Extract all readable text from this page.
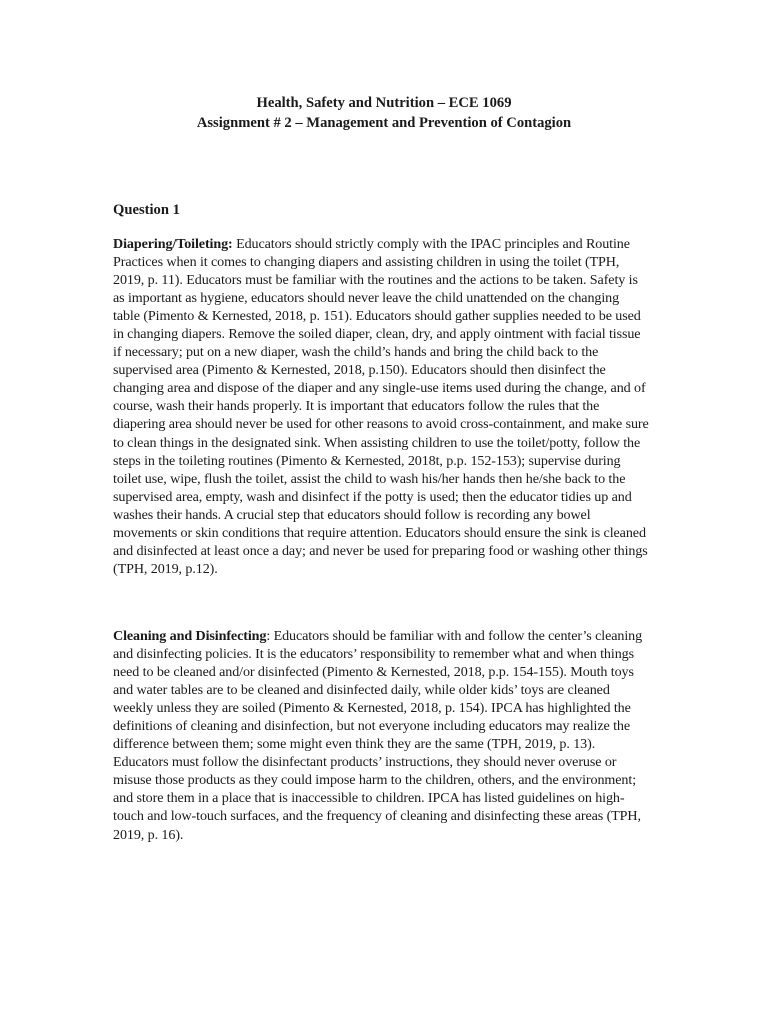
Health, Safety and Nutrition – ECE 1069
Assignment # 2 – Management and Prevention of Contagion
Question 1

Diapering/Toileting: Educators should strictly comply with the IPAC principles and Routine Practices when it comes to changing diapers and assisting children in using the toilet (TPH, 2019, p. 11). Educators must be familiar with the routines and the actions to be taken. Safety is as important as hygiene, educators should never leave the child unattended on the changing table (Pimento & Kernested, 2018, p. 151). Educators should gather supplies needed to be used in changing diapers. Remove the soiled diaper, clean, dry, and apply ointment with facial tissue if necessary; put on a new diaper, wash the child’s hands and bring the child back to the supervised area (Pimento & Kernested, 2018, p.150). Educators should then disinfect the changing area and dispose of the diaper and any single-use items used during the change, and of course, wash their hands properly. It is important that educators follow the rules that the diapering area should never be used for other reasons to avoid cross-containment, and make sure to clean things in the designated sink. When assisting children to use the toilet/potty, follow the steps in the toileting routines (Pimento & Kernested, 2018t, p.p. 152-153); supervise during toilet use, wipe, flush the toilet, assist the child to wash his/her hands then he/she back to the supervised area, empty, wash and disinfect if the potty is used; then the educator tidies up and washes their hands. A crucial step that educators should follow is recording any bowel movements or skin conditions that require attention. Educators should ensure the sink is cleaned and disinfected at least once a day; and never be used for preparing food or washing other things (TPH, 2019, p.12).

Cleaning and Disinfecting: Educators should be familiar with and follow the center’s cleaning and disinfecting policies. It is the educators’ responsibility to remember what and when things need to be cleaned and/or disinfected (Pimento & Kernested, 2018, p.p. 154-155). Mouth toys and water tables are to be cleaned and disinfected daily, while older kids’ toys are cleaned weekly unless they are soiled (Pimento & Kernested, 2018, p. 154). IPCA has highlighted the definitions of cleaning and disinfection, but not everyone including educators may realize the difference between them; some might even think they are the same (TPH, 2019, p. 13). Educators must follow the disinfectant products’ instructions, they should never overuse or misuse those products as they could impose harm to the children, others, and the environment; and store them in a place that is inaccessible to children. IPCA has listed guidelines on high-touch and low-touch surfaces, and the frequency of cleaning and disinfecting these areas (TPH, 2019, p. 16).
